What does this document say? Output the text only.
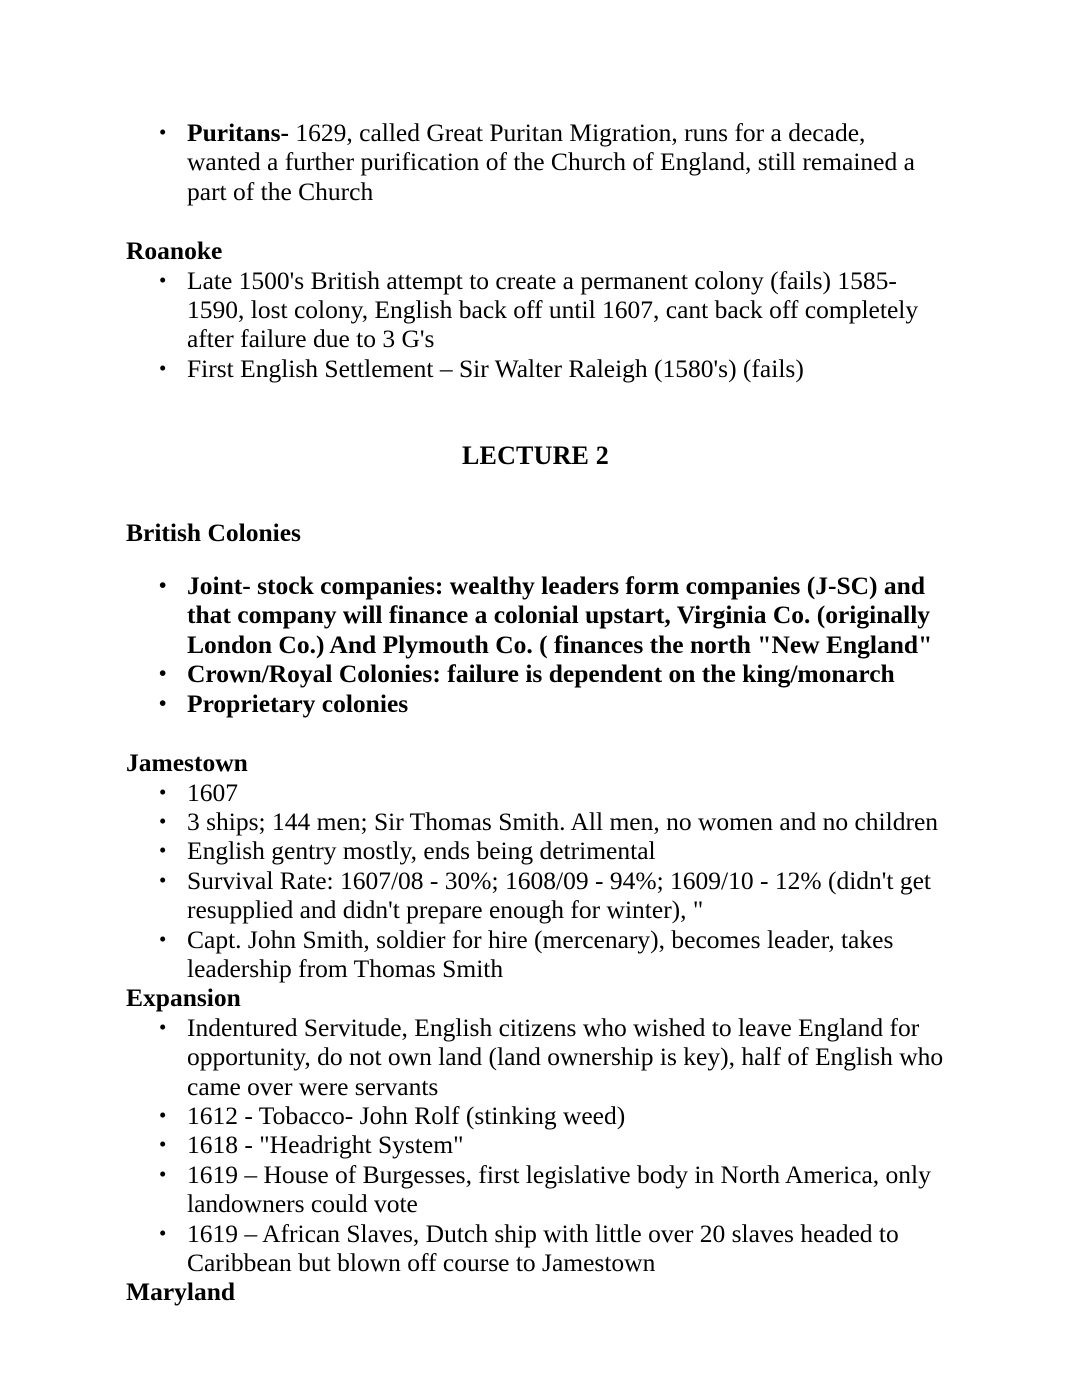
• Puritans- 1629, called Great Puritan Migration, runs for a decade, wanted a further purification of the Church of England, still remained a part of the Church
Roanoke
• Late 1500's British attempt to create a permanent colony (fails) 1585-1590, lost colony, English back off until 1607, cant back off completely after failure due to 3 G's
• First English Settlement – Sir Walter Raleigh (1580's) (fails)
LECTURE 2
British Colonies
• Joint- stock companies: wealthy leaders form companies (J-SC) and that company will finance a colonial upstart, Virginia Co. (originally London Co.) And Plymouth Co. ( finances the north "New England"
• Crown/Royal Colonies: failure is dependent on the king/monarch
• Proprietary colonies
Jamestown
• 1607
• 3 ships; 144 men; Sir Thomas Smith. All men, no women and no children
• English gentry mostly, ends being detrimental
• Survival Rate: 1607/08 - 30%; 1608/09 - 94%; 1609/10 - 12% (didn't get resupplied and didn't prepare enough for winter), "
• Capt. John Smith, soldier for hire (mercenary), becomes leader, takes leadership from Thomas Smith
Expansion
• Indentured Servitude, English citizens who wished to leave England for opportunity, do not own land (land ownership is key), half of English who came over were servants
• 1612 - Tobacco- John Rolf (stinking weed)
• 1618 - "Headright System"
• 1619 – House of Burgesses, first legislative body in North America, only landowners could vote
• 1619 – African Slaves, Dutch ship with little over 20 slaves headed to Caribbean but blown off course to Jamestown
Maryland
